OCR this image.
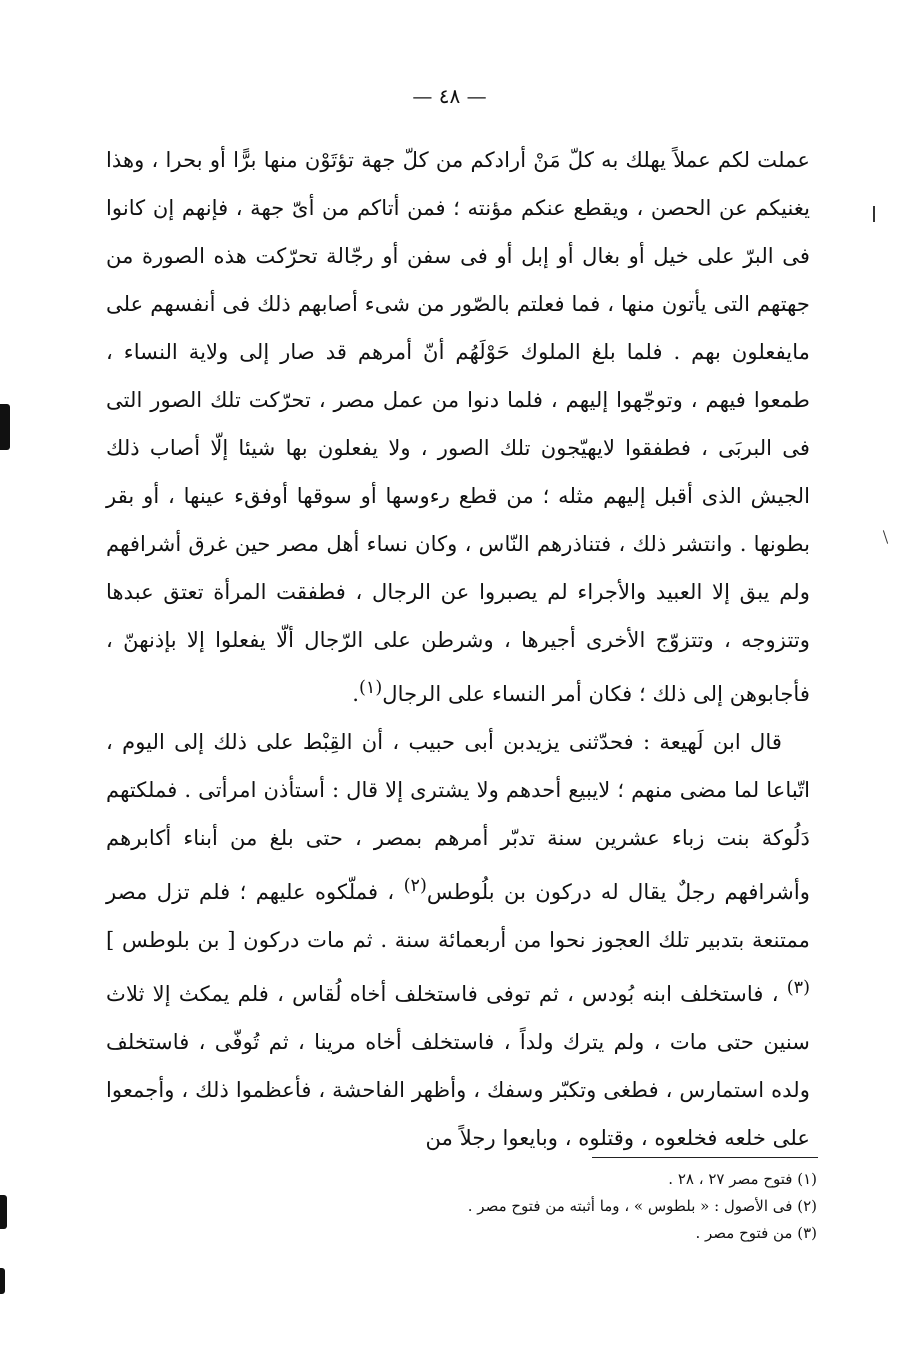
— ٤٨ —

عملت لكم عملاً يهلك به كلّ مَنْ أرادكم من كلّ جهة تؤتَوْن منها برًّا أو بحرا ، وهذا يغنيكم عن الحصن ، ويقطع عنكم مؤنته ؛ فمن أتاكم من أىّ جهة ، فإنهم إن كانوا فى البرّ على خيل أو بغال أو إبل أو فى سفن أو رجّالة تحرّكت هذه الصورة من جهتهم التى يأتون منها ، فما فعلتم بالصّور من شىء أصابهم ذلك فى أنفسهم على مايفعلون بهم . فلما بلغ الملوك حَوْلَهُم أنّ أمرهم قد صار إلى ولاية النساء ، طمعوا فيهم ، وتوجّهوا إليهم ، فلما دنوا من عمل مصر ، تحرّكت تلك الصور التى فى البربَى ، فطفقوا لايهيّجون تلك الصور ، ولا يفعلون بها شيئا إلّا أصاب ذلك الجيش الذى أقبل إليهم مثله ؛ من قطع رءوسها أو سوقها أوفقء عينها ، أو بقر بطونها . وانتشر ذلك ، فتناذرهم النّاس ، وكان نساء أهل مصر حين غرق أشرافهم ولم يبق إلا العبيد والأجراء لم يصبروا عن الرجال ، فطفقت المرأة تعتق عبدها وتتزوجه ، وتتزوّج الأخرى أجيرها ، وشرطن على الرّجال ألّا يفعلوا إلا بإذنهنّ ، فأجابوهن إلى ذلك ؛ فكان أمر النساء على الرجال$^{(١)}$.

قال ابن لَهيعة : فحدّثنى يزيدبن أبى حبيب ، أن القِبْط على ذلك إلى اليوم ، اتّباعا لما مضى منهم ؛ لايبيع أحدهم ولا يشترى إلا قال : أستأذن امرأتى . فملكتهم دَلُوكة بنت زباء عشرين سنة تدبّر أمرهم بمصر ، حتى بلغ من أبناء أكابرهم وأشرافهم رجلٌ يقال له دركون بن بلُوطس$^{(٢)}$ ، فملّكوه عليهم ؛ فلم تزل مصر ممتنعة بتدبير تلك العجوز نحوا من أربعمائة سنة . ثم مات دركون [ بن بلوطس ] $^{(٣)}$ ، فاستخلف ابنه بُودس ، ثم توفى فاستخلف أخاه لُقاس ، فلم يمكث إلا ثلاث سنين حتى مات ، ولم يترك ولداً ، فاستخلف أخاه مرينا ، ثم تُوفّى ، فاستخلف ولده استمارس ، فطغى وتكبّر وسفك ، وأظهر الفاحشة ، فأعظموا ذلك ، وأجمعوا على خلعه فخلعوه ، وقتلوه ، وبايعوا رجلاً من

(١) فتوح مصر ٢٧ ، ٢٨ .
(٢) فى الأصول : « بلطوس » ، وما أثبته من فتوح مصر .
(٣) من فتوح مصر .
